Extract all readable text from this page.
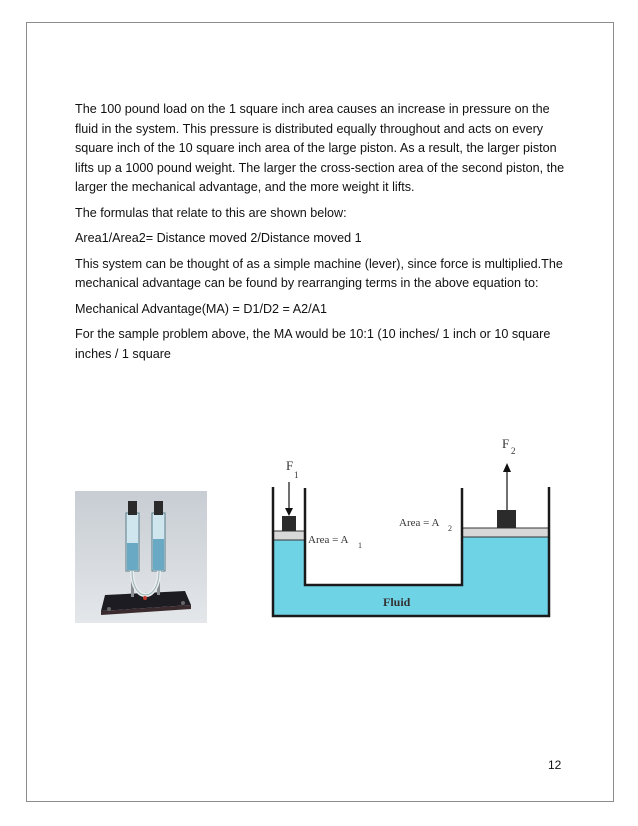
The 100 pound load on the 1 square inch area causes an increase in pressure on the fluid in the system. This pressure is distributed equally throughout and acts on every square inch of the 10 square inch area of the large piston. As a result, the larger piston lifts up a 1000 pound weight. The larger the cross-section area of the second piston, the larger the mechanical advantage, and the more weight it lifts.

The formulas that relate to this are shown below:

Area1/Area2= Distance moved 2/Distance moved 1

This system can be thought of as a simple machine (lever), since force is multiplied.The mechanical advantage can be found by rearranging terms in the above equation to:

Mechanical Advantage(MA) = D1/D2 = A2/A1

For the sample problem above, the MA would be 10:1 (10 inches/ 1 inch or 10 square inches / 1 square

F
1
F 2
Area = A 1
Area = A 2
Fluid
12
